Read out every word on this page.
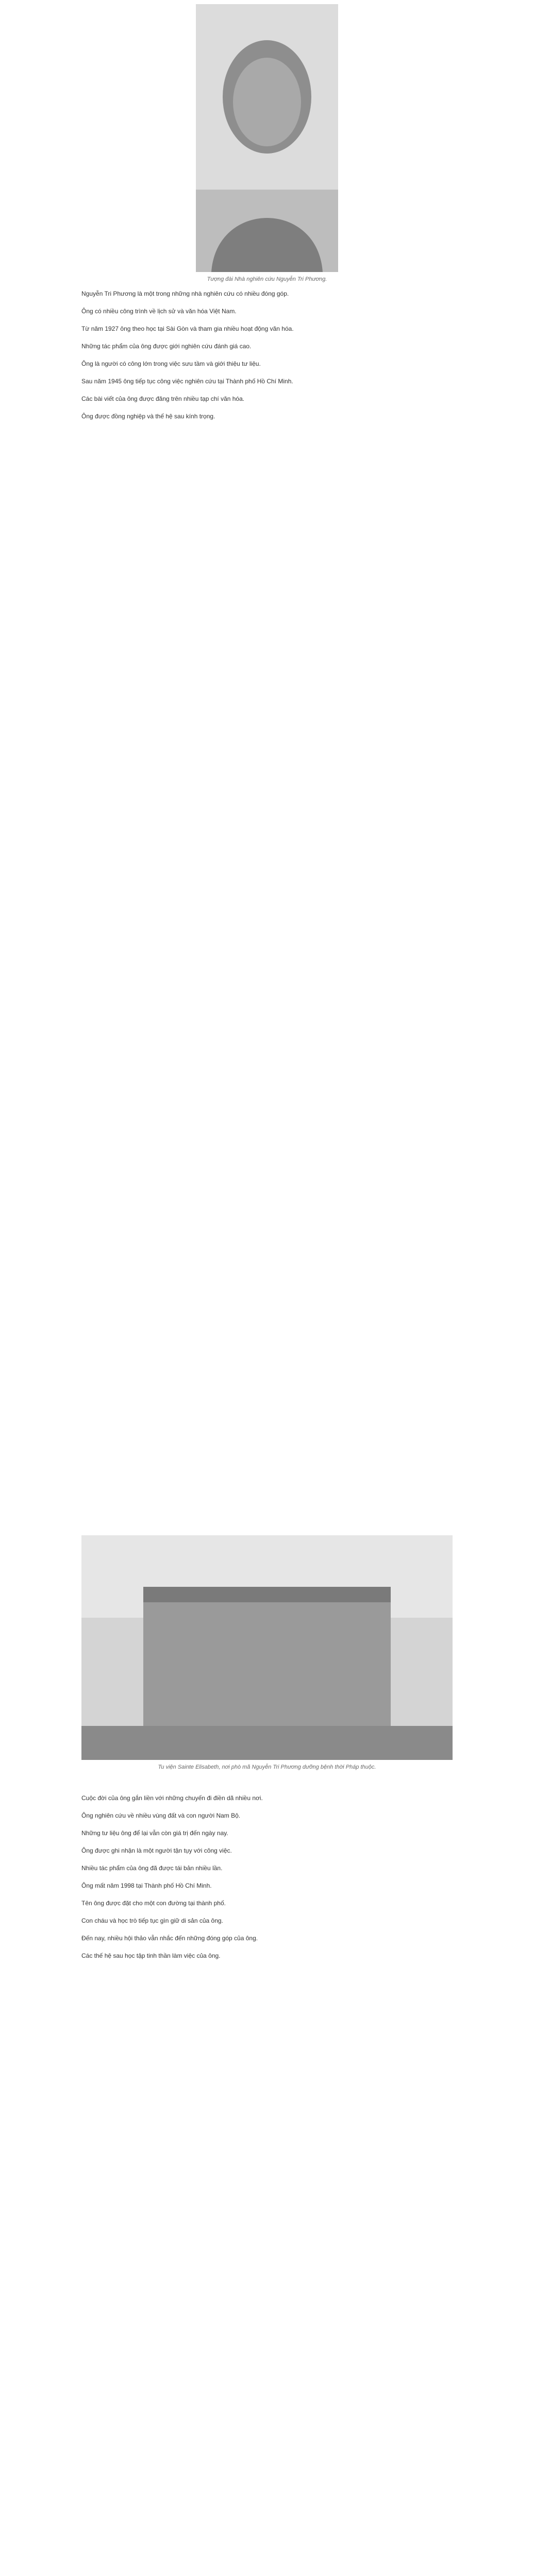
Tượng đài Nhà nghiên cứu Nguyễn Tri Phương.

Nguyễn Tri Phương là một trong những nhà nghiên cứu có nhiều đóng góp.

Ông có nhiều công trình về lịch sử và văn hóa Việt Nam.

Từ năm 1927 ông theo học tại Sài Gòn và tham gia nhiều hoạt động văn hóa.

Những tác phẩm của ông được giới nghiên cứu đánh giá cao.

Ông là người có công lớn trong việc sưu tầm và giới thiệu tư liệu.

Sau năm 1945 ông tiếp tục công việc nghiên cứu tại Thành phố Hồ Chí Minh.

Các bài viết của ông được đăng trên nhiều tạp chí văn hóa.

Ông được đồng nghiệp và thế hệ sau kính trọng.

Tu viện Sainte Elisabeth, nơi phò mã Nguyễn Tri Phương dưỡng bệnh thời Pháp thuộc.

Cuộc đời của ông gắn liền với những chuyến đi điền dã nhiều nơi.

Ông nghiên cứu về nhiều vùng đất và con người Nam Bộ.

Những tư liệu ông để lại vẫn còn giá trị đến ngày nay.

Ông được ghi nhận là một người tận tụy với công việc.

Nhiều tác phẩm của ông đã được tái bản nhiều lần.

Ông mất năm 1998 tại Thành phố Hồ Chí Minh.

Tên ông được đặt cho một con đường tại thành phố.

Con cháu và học trò tiếp tục gìn giữ di sản của ông.

Đến nay, nhiều hội thảo vẫn nhắc đến những đóng góp của ông.

Các thế hệ sau học tập tinh thần làm việc của ông.
